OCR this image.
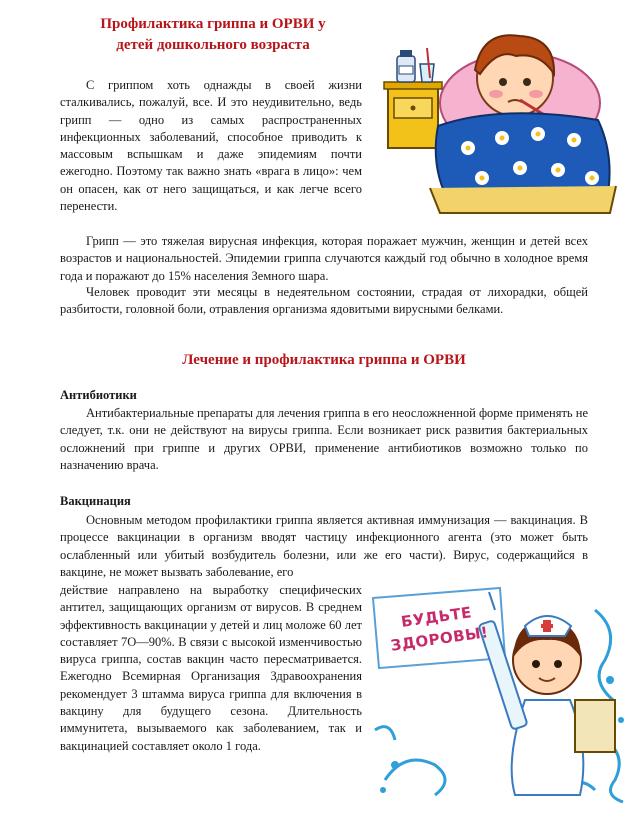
Профилактика гриппа и ОРВИ у
детей дошкольного возраста

С гриппом хоть однажды в своей жизни сталкивались, пожалуй, все. И это неудивительно, ведь грипп — одно из самых распространенных инфекционных заболеваний, способное приводить к массовым вспышкам и даже эпидемиям почти ежегодно. Поэтому так важно знать «врага в лицо»: чем он опасен, как от него защищаться, и как легче всего перенести.

Грипп — это тяжелая вирусная инфекция, которая поражает мужчин, женщин и детей всех возрастов и национальностей. Эпидемии гриппа случаются каждый год обычно в холодное время года и поражают до 15% населения Земного шара.

Человек проводит эти месяцы в недеятельном состоянии, страдая от лихорадки, общей разбитости, головной боли, отравления организма ядовитыми вирусными белками.

Лечение и профилактика гриппа и ОРВИ
Антибиотики

Антибактериальные препараты для лечения гриппа в его неосложненной форме применять не следует, т.к. они не действуют на вирусы гриппа. Если возникает риск развития бактериальных осложнений при гриппе и других ОРВИ, применение антибиотиков возможно только по назначению врача.

Вакцинация

Основным методом профилактики гриппа является активная иммунизация — вакцинация. В процессе вакцинации в организм вводят частицу инфекционного агента (это может быть ослабленный или убитый возбудитель болезни, или же его части). Вирус, содержащийся в вакцине, не может вызвать заболевание, его

действие направлено на выработку специфических антител, защищающих организм от вирусов. В среднем эффективность вакцинации у детей и лиц моложе 60 лет составляет 7О—90%. В связи с высокой изменчивостью вируса гриппа, состав вакцин часто пересматривается. Ежегодно Всемирная Организация Здравоохранения рекомендует 3 штамма вируса гриппа для включения в вакцину для будущего сезона. Длительность иммунитета, вызываемого как заболеванием, так и вакцинацией составляет около 1 года.

БУДЬТЕ
ЗДОРОВЫ!
